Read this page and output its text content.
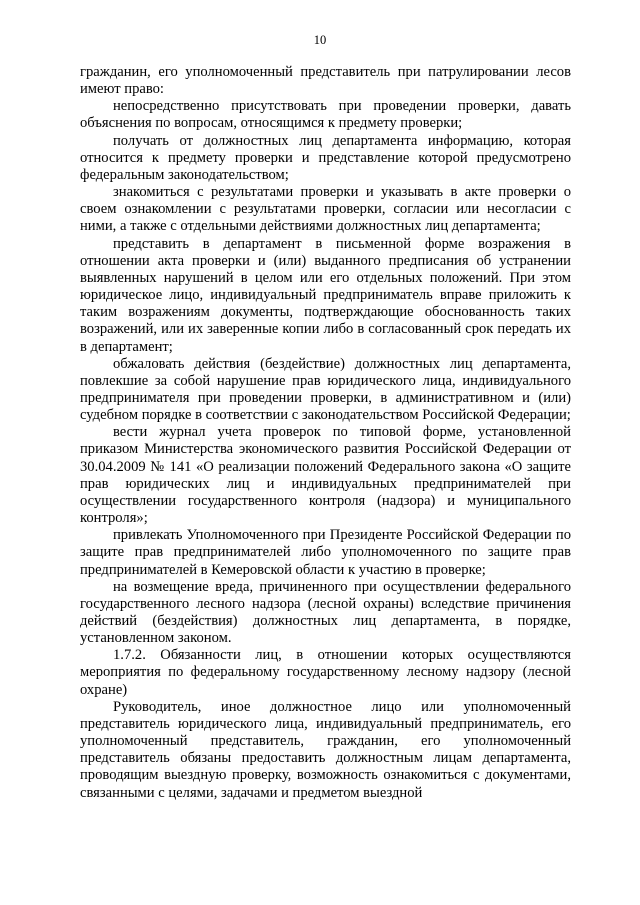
10

гражданин, его уполномоченный представитель при патрулировании лесов имеют право:

непосредственно присутствовать при проведении проверки, давать объяснения по вопросам, относящимся к предмету проверки;

получать от должностных лиц департамента информацию, которая относится к предмету проверки и представление которой предусмотрено федеральным законодательством;

знакомиться с результатами проверки и указывать в акте проверки о своем ознакомлении с результатами проверки, согласии или несогласии с ними, а также с отдельными действиями должностных лиц департамента;

представить в департамент в письменной форме возражения в отношении акта проверки и (или) выданного предписания об устранении выявленных нарушений в целом или его отдельных положений. При этом юридическое лицо, индивидуальный предприниматель вправе приложить к таким возражениям документы, подтверждающие обоснованность таких возражений, или их заверенные копии либо в согласованный срок передать их в департамент;

обжаловать действия (бездействие) должностных лиц департамента, повлекшие за собой нарушение прав юридического лица, индивидуального предпринимателя при проведении проверки, в административном и (или) судебном порядке в соответствии с законодательством Российской Федерации;

вести журнал учета проверок по типовой форме, установленной приказом Министерства экономического развития Российской Федерации от 30.04.2009 № 141 «О реализации положений Федерального закона «О защите прав юридических лиц и индивидуальных предпринимателей при осуществлении государственного контроля (надзора) и муниципального контроля»;

привлекать Уполномоченного при Президенте Российской Федерации по защите прав предпринимателей либо уполномоченного по защите прав предпринимателей в Кемеровской области к участию в проверке;

на возмещение вреда, причиненного при осуществлении федерального государственного лесного надзора (лесной охраны) вследствие причинения действий (бездействия) должностных лиц департамента, в порядке, установленном законом.

1.7.2. Обязанности лиц, в отношении которых осуществляются мероприятия по федеральному государственному лесному надзору (лесной охране)

Руководитель, иное должностное лицо или уполномоченный представитель юридического лица, индивидуальный предприниматель, его уполномоченный представитель, гражданин, его уполномоченный представитель обязаны предоставить должностным лицам департамента, проводящим выездную проверку, возможность ознакомиться с документами, связанными с целями, задачами и предметом выездной
